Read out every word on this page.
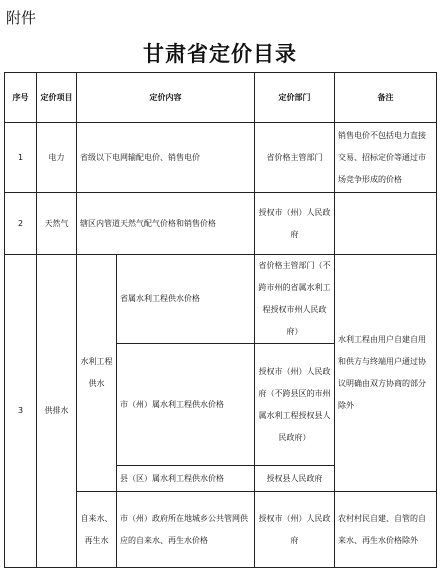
附件
甘肃省定价目录
序号	定价项目	定价内容		定价部门	备注
1	电力	省级以下电网输配电价、销售电价		省价格主管部门	销售电价不包括电力直接交易、招标定价等通过市场竞争形成的价格
2	天然气	辖区内管道天然气配气价格和销售价格		授权市（州）人民政府	
3	供排水	水利工程供水	省属水利工程供水价格	省价格主管部门（不跨市州的省属水利工程授权市州人民政府）	水利工程由用户自建自用和供方与终端用户通过协议明确由双方协商的部分除外
			市（州）属水利工程供水价格	授权市（州）人民政府（不跨县区的市州属水利工程授权县人民政府）	
			县（区）属水利工程供水价格	授权县人民政府	
		自来水、再生水	市（州）政府所在地城乡公共管网供应的自来水、再生水价格	授权市（州）人民政府	农村村民自建、自管的自来水、再生水价格除外
